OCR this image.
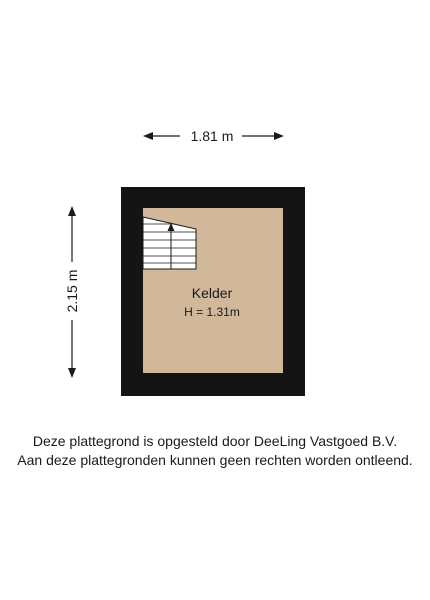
1.81 m
2.15 m	Kelder
H = 1.31m
Deze plattegrond is opgesteld door DeeLing Vastgoed B.V.
Aan deze plattegronden kunnen geen rechten worden ontleend.
